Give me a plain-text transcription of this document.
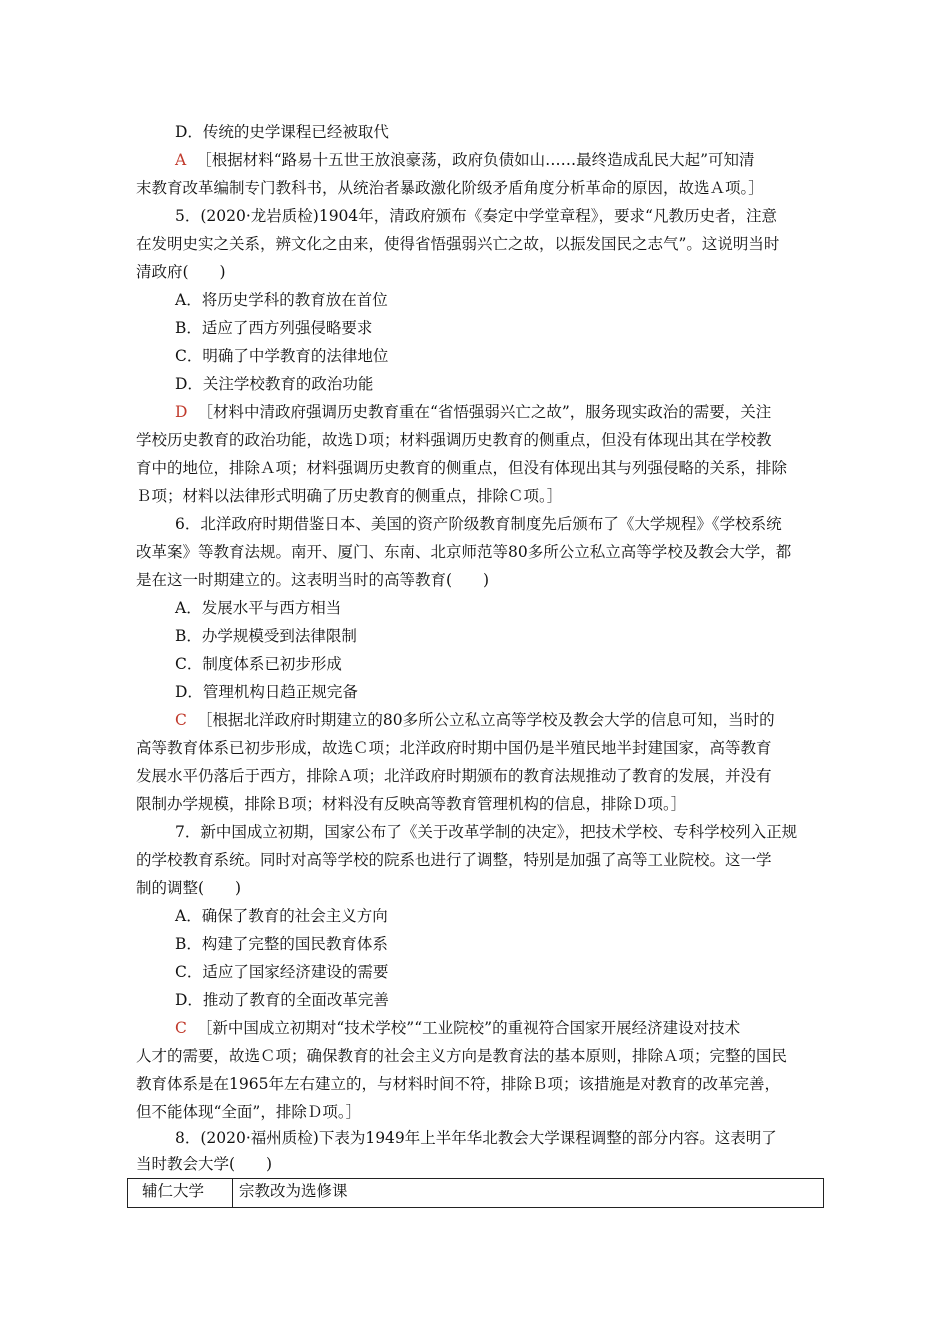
D．传统的史学课程已经被取代
A ［根据材料“路易十五世王放浪豪荡，政府负债如山……最终造成乱民大起”可知清
末教育改革编制专门教科书，从统治者暴政激化阶级矛盾角度分析革命的原因，故选Ａ项。］
5．(2020·龙岩质检)1904年，清政府颁布《奏定中学堂章程》，要求“凡教历史者，注意
在发明史实之关系，辨文化之由来，使得省悟强弱兴亡之故，以振发国民之志气”。这说明当时
清政府(　　)
A．将历史学科的教育放在首位
B．适应了西方列强侵略要求
C．明确了中学教育的法律地位
D．关注学校教育的政治功能
D ［材料中清政府强调历史教育重在“省悟强弱兴亡之故”，服务现实政治的需要，关注
学校历史教育的政治功能，故选Ｄ项；材料强调历史教育的侧重点，但没有体现出其在学校教
育中的地位，排除Ａ项；材料强调历史教育的侧重点，但没有体现出其与列强侵略的关系，排除
Ｂ项；材料以法律形式明确了历史教育的侧重点，排除Ｃ项。］
6．北洋政府时期借鉴日本、美国的资产阶级教育制度先后颁布了《大学规程》《学校系统
改革案》等教育法规。南开、厦门、东南、北京师范等80多所公立私立高等学校及教会大学，都
是在这一时期建立的。这表明当时的高等教育(　　)
A．发展水平与西方相当
B．办学规模受到法律限制
C．制度体系已初步形成
D．管理机构日趋正规完备
C ［根据北洋政府时期建立的80多所公立私立高等学校及教会大学的信息可知，当时的
高等教育体系已初步形成，故选Ｃ项；北洋政府时期中国仍是半殖民地半封建国家，高等教育
发展水平仍落后于西方，排除Ａ项；北洋政府时期颁布的教育法规推动了教育的发展，并没有
限制办学规模，排除Ｂ项；材料没有反映高等教育管理机构的信息，排除Ｄ项。］
7．新中国成立初期，国家公布了《关于改革学制的决定》，把技术学校、专科学校列入正规
的学校教育系统。同时对高等学校的院系也进行了调整，特别是加强了高等工业院校。这一学
制的调整(　　)
A．确保了教育的社会主义方向
B．构建了完整的国民教育体系
C．适应了国家经济建设的需要
D．推动了教育的全面改革完善
C ［新中国成立初期对“技术学校”“工业院校”的重视符合国家开展经济建设对技术
人才的需要，故选Ｃ项；确保教育的社会主义方向是教育法的基本原则，排除Ａ项；完整的国民
教育体系是在1965年左右建立的，与材料时间不符，排除Ｂ项；该措施是对教育的改革完善，
但不能体现“全面”，排除Ｄ项。］
8．(2020·福州质检)下表为1949年上半年华北教会大学课程调整的部分内容。这表明了
当时教会大学(　　)
辅仁大学	宗教改为选修课
